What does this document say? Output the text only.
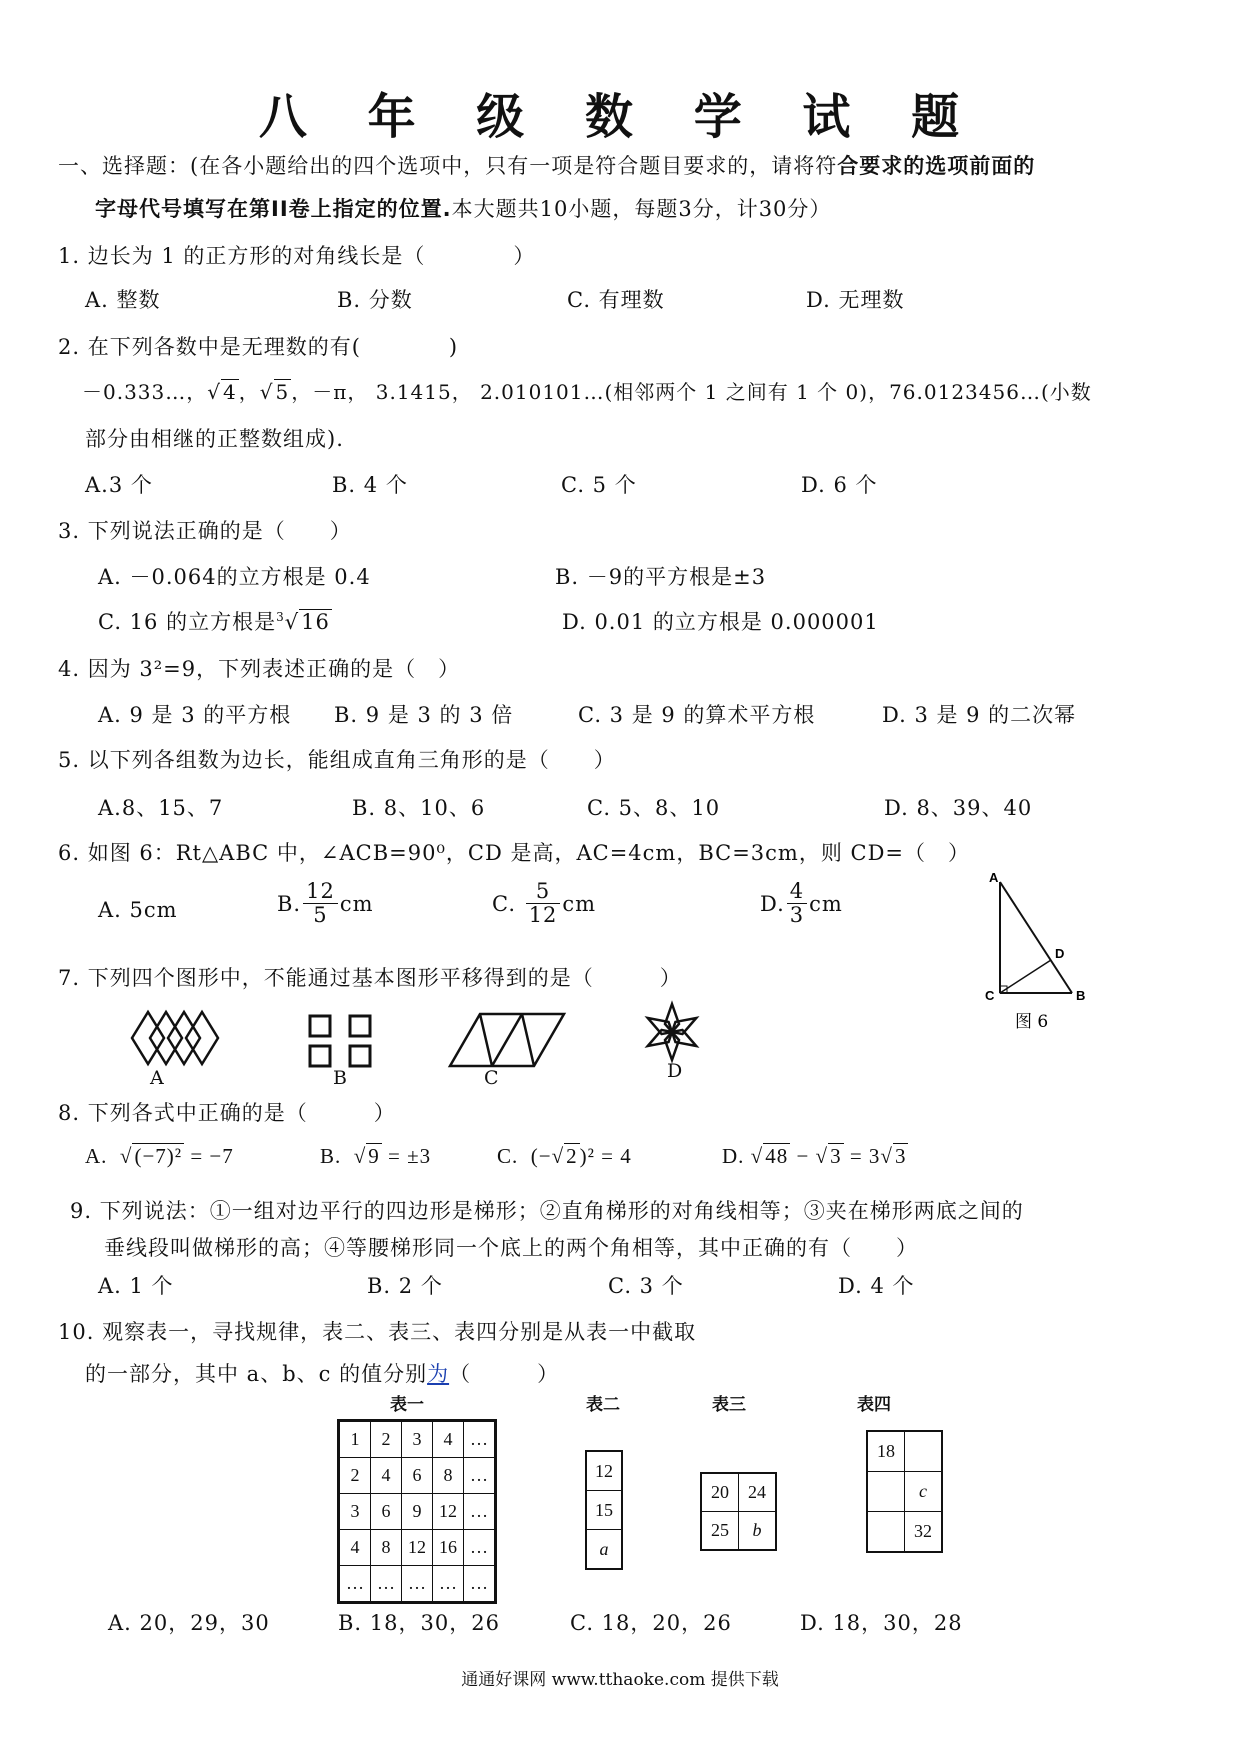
八 年 级 数 学 试 题
一、选择题：(在各小题给出的四个选项中，只有一项是符合题目要求的，请将符合要求的选项前面的
字母代号填写在第II卷上指定的位置.本大题共10小题，每题3分，计30分）
1. 边长为 1 的正方形的对角线长是（　　　　）
A. 整数	B. 分数	C. 有理数	D. 无理数
2. 在下列各数中是无理数的有(　　　　)
－0.333…，√ 4 ，√ 5 ，－π， 3.1415， 2.010101…(相邻两个 1 之间有 1 个 0)，76.0123456…(小数
部分由相继的正整数组成).
A.3 个	B. 4 个	C. 5 个	D. 6 个
3. 下列说法正确的是（　　）
A. －0.064的立方根是 0.4	B. －9的平方根是±3
C. 16 的立方根是$^3$√16	D. 0.01 的立方根是 0.000001
4. 因为 3²=9，下列表述正确的是（　）
A. 9 是 3 的平方根 B. 9 是 3 的 3 倍	C. 3 是 9 的算术平方根	D. 3 是 9 的二次幂
5. 以下列各组数为边长，能组成直角三角形的是（　　）
A.8、15、7	B. 8、10、6	C. 5、8、10	D. 8、39、40
6. 如图 6：Rt△ABC 中，∠ACB=90⁰，CD 是高，AC=4cm，BC=3cm，则 CD=（　）
A. 5cm	B. $\frac{12}{5}$ cm	C.
$\frac{5}{12}$ cm	D. $\frac{4}{3}$ cm
A
D
C	B
图 6
7. 下列四个图形中，不能通过基本图形平移得到的是（　　　）
A	B	C	D
8. 下列各式中正确的是（　　　）
A.  √(−7)² = −7	B.  √9 = ±3	C. (−√2)² = 4	D. √48 − √3 = 3√3
9. 下列说法：①一组对边平行的四边形是梯形；②直角梯形的对角线相等；③夹在梯形两底之间的
垂线段叫做梯形的高；④等腰梯形同一个底上的两个角相等，其中正确的有（　　）
A. 1 个	B. 2 个	C. 3 个	D. 4 个
10. 观察表一，寻找规律，表二、表三、表四分别是从表一中截取
的一部分，其中 a、b、c 的值分别为（　　　）
表一	表二	表三	表四
1	2	3	4	…
2	4	6	8	…
3	6	9	12	…
4	8	12	16	…
…	…	…	…	…
12
15
a
20	24
25	b
18	
	c
	32
A. 20，29，30	B. 18，30，26	C. 18，20，26	D. 18，30，28
通通好课网 www.tthaoke.com 提供下载
